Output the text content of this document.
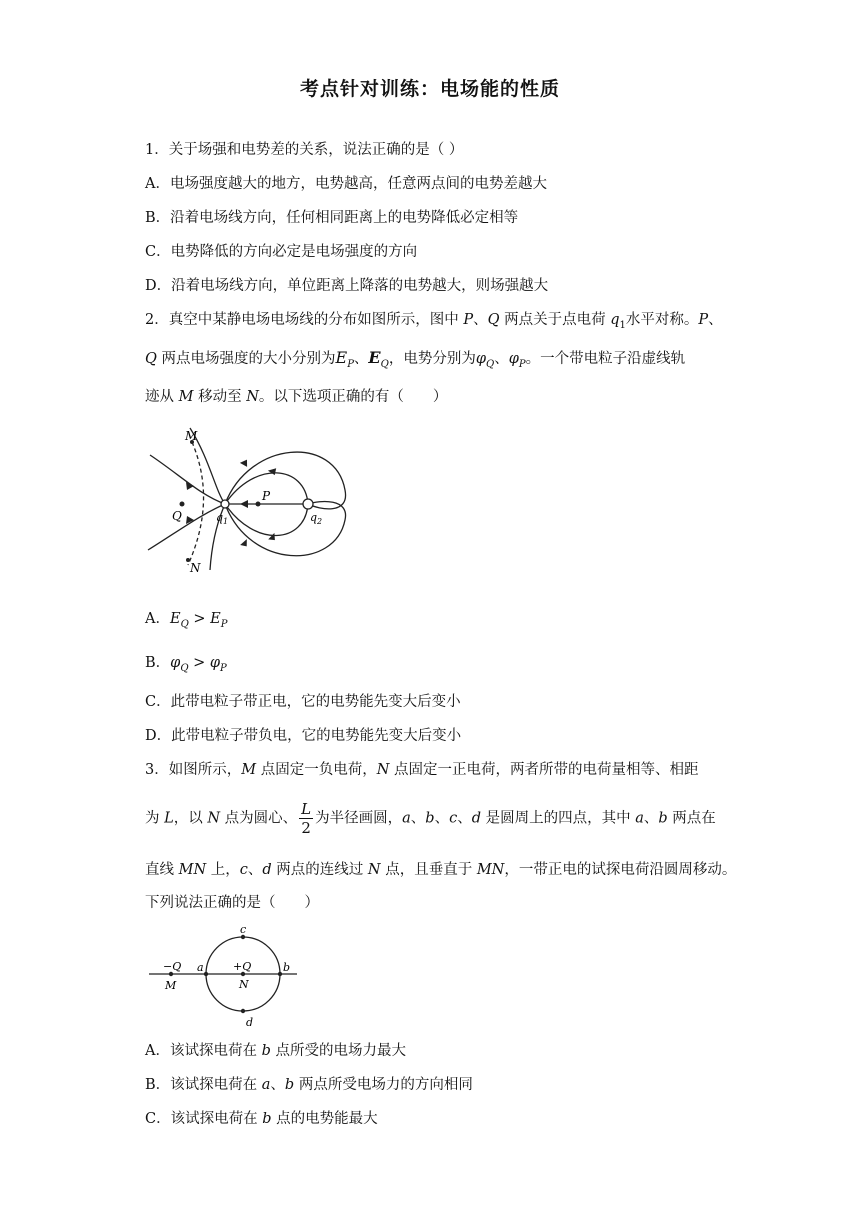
考点针对训练：电场能的性质
1．关于场强和电势差的关系，说法正确的是（ ）
A．电场强度越大的地方，电势越高，任意两点间的电势差越大
B．沿着电场线方向，任何相同距离上的电势降低必定相等
C．电势降低的方向必定是电场强度的方向
D．沿着电场线方向，单位距离上降落的电势越大，则场强越大
2．真空中某静电场电场线的分布如图所示，图中 P、Q 两点关于点电荷 $q_1$水平对称。P、
Q 两点电场强度的大小分别为$E_P$、$E_Q$，电势分别为$\varphi_Q$、$\varphi_P$。一个带电粒子沿虚线轨
迹从 M 移动至 N。以下选项正确的有（　　）
M
Q
P
N
$q_1$	$q_2$
A．$E_Q > E_P$
B．$\varphi_Q > \varphi_P$
C．此带电粒子带正电，它的电势能先变大后变小
D．此带电粒子带负电，它的电势能先变大后变小
3．如图所示，M 点固定一负电荷，N 点固定一正电荷，两者所带的电荷量相等、相距
为 L，以 N 点为圆心、 $\frac{L}{2}$ 为半径画圆，a、b、c、d 是圆周上的四点，其中 a、b 两点在
直线 MN 上，c、d 两点的连线过 N 点，且垂直于 MN，一带正电的试探电荷沿圆周移动。
下列说法正确的是（　　）
−Q
M
a	+Q
N
b
c
d
A．该试探电荷在 b 点所受的电场力最大
B．该试探电荷在 a、b 两点所受电场力的方向相同
C．该试探电荷在 b 点的电势能最大
